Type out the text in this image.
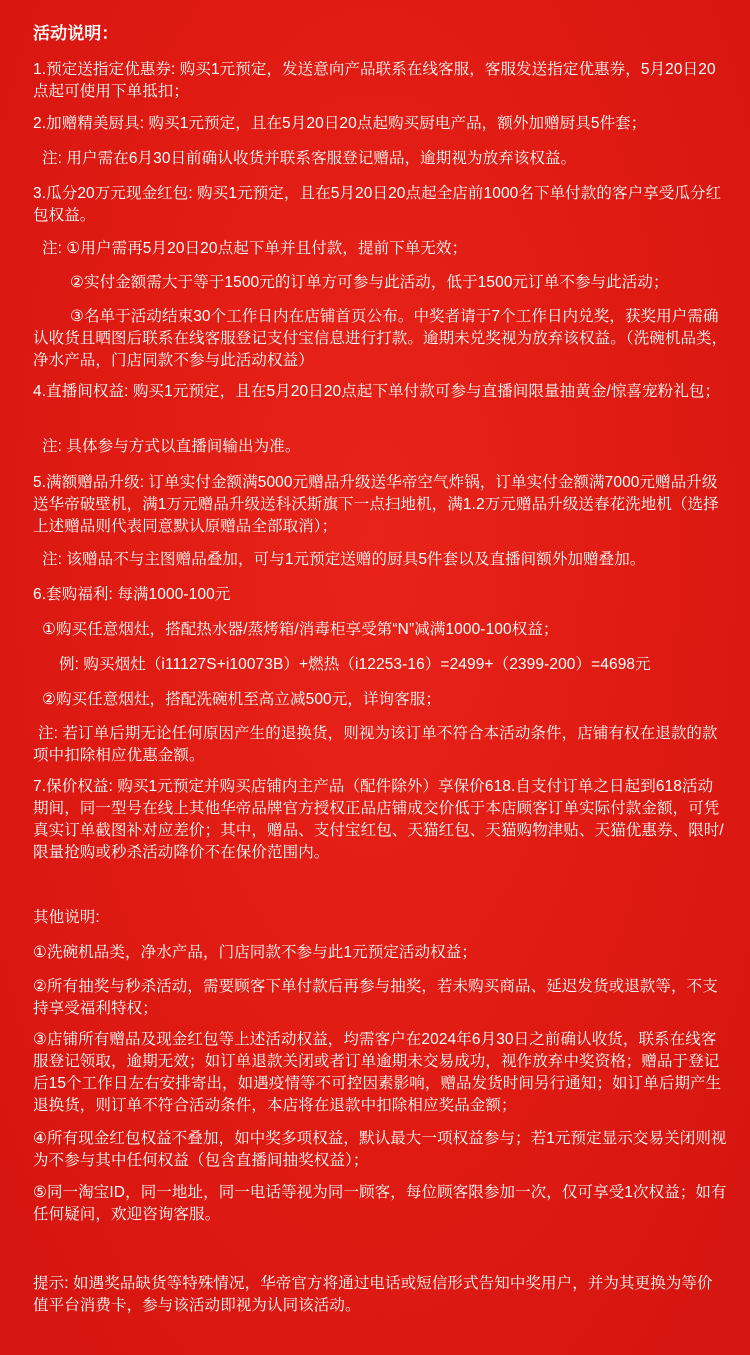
活动说明：

1.预定送指定优惠券: 购买1元预定，发送意向产品联系在线客服，客服发送指定优惠券，5月20日20点起可使用下单抵扣；

2.加赠精美厨具: 购买1元预定，且在5月20日20点起购买厨电产品，额外加赠厨具5件套；

注: 用户需在6月30日前确认收货并联系客服登记赠品，逾期视为放弃该权益。

3.瓜分20万元现金红包: 购买1元预定，且在5月20日20点起全店前1000名下单付款的客户享受瓜分红包权益。

注: ①用户需再5月20日20点起下单并且付款，提前下单无效；

②实付金额需大于等于1500元的订单方可参与此活动，低于1500元订单不参与此活动；

③名单于活动结束30个工作日内在店铺首页公布。中奖者请于7个工作日内兑奖，获奖用户需确认收货且晒图后联系在线客服登记支付宝信息进行打款。逾期未兑奖视为放弃该权益。（洗碗机品类，净水产品，门店同款不参与此活动权益）

4.直播间权益: 购买1元预定，且在5月20日20点起下单付款可参与直播间限量抽黄金/惊喜宠粉礼包；

注: 具体参与方式以直播间输出为准。

5.满额赠品升级: 订单实付金额满5000元赠品升级送华帝空气炸锅，订单实付金额满7000元赠品升级送华帝破壁机，满1万元赠品升级送科沃斯旗下一点扫地机，满1.2万元赠品升级送春花洗地机（选择上述赠品则代表同意默认原赠品全部取消）；

注: 该赠品不与主图赠品叠加，可与1元预定送赠的厨具5件套以及直播间额外加赠叠加。

6.套购福利: 每满1000-100元

①购买任意烟灶，搭配热水器/蒸烤箱/消毒柜享受第“N”减满1000-100权益；

例: 购买烟灶（i11127S+i10073B）+燃热（i12253-16）=2499+（2399-200）=4698元

②购买任意烟灶，搭配洗碗机至高立减500元，详询客服；

注: 若订单后期无论任何原因产生的退换货，则视为该订单不符合本活动条件，店铺有权在退款的款项中扣除相应优惠金额。

7.保价权益: 购买1元预定并购买店铺内主产品（配件除外）享保价618.自支付订单之日起到618活动期间，同一型号在线上其他华帝品牌官方授权正品店铺成交价低于本店顾客订单实际付款金额，可凭真实订单截图补对应差价；其中，赠品、支付宝红包、天猫红包、天猫购物津贴、天猫优惠券、限时/限量抢购或秒杀活动降价不在保价范围内。

其他说明:

①洗碗机品类，净水产品，门店同款不参与此1元预定活动权益；

②所有抽奖与秒杀活动，需要顾客下单付款后再参与抽奖，若未购买商品、延迟发货或退款等，不支持享受福利特权；

③店铺所有赠品及现金红包等上述活动权益，均需客户在2024年6月30日之前确认收货，联系在线客服登记领取，逾期无效；如订单退款关闭或者订单逾期未交易成功，视作放弃中奖资格；赠品于登记后15个工作日左右安排寄出，如遇疫情等不可控因素影响，赠品发货时间另行通知；如订单后期产生退换货，则订单不符合活动条件，本店将在退款中扣除相应奖品金额；

④所有现金红包权益不叠加，如中奖多项权益，默认最大一项权益参与；若1元预定显示交易关闭则视为不参与其中任何权益（包含直播间抽奖权益）；

⑤同一淘宝ID，同一地址，同一电话等视为同一顾客，每位顾客限参加一次，仅可享受1次权益；如有任何疑问，欢迎咨询客服。

提示: 如遇奖品缺货等特殊情况，华帝官方将通过电话或短信形式告知中奖用户，并为其更换为等价值平台消费卡，参与该活动即视为认同该活动。
